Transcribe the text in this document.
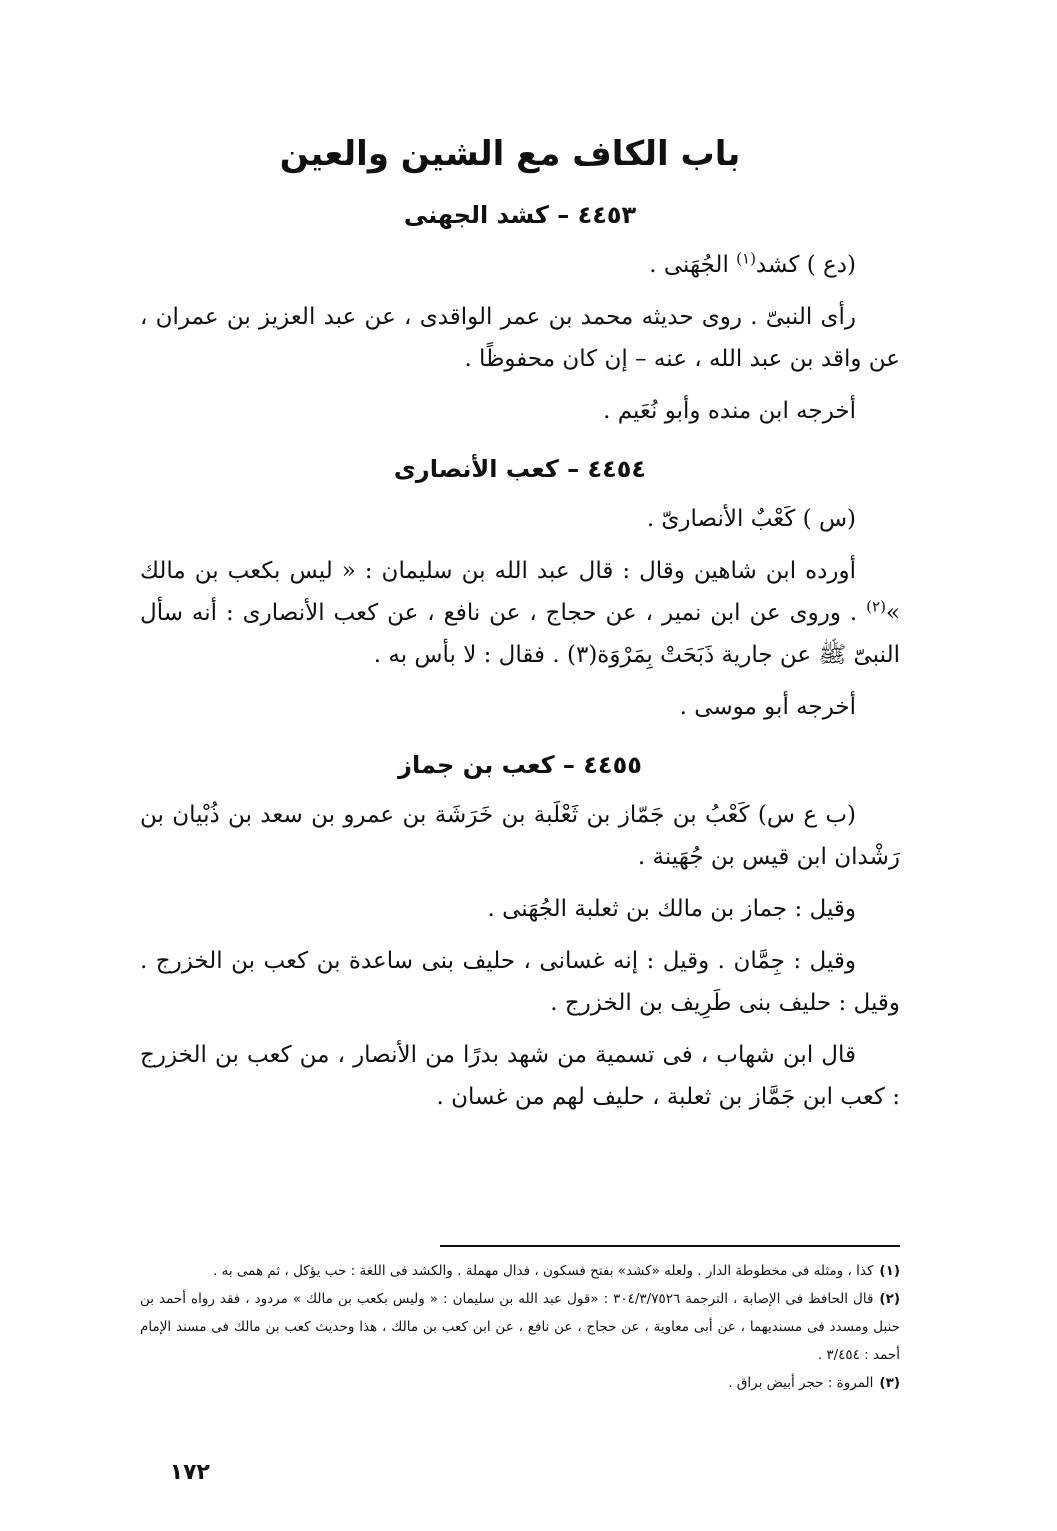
باب الكاف مع الشين والعين
٤٤٥٣ – كشد الجهنى

(دع ) كشد$^{(١)}$ الجُهَنى .

رأى النبىّ . روى حديثه محمد بن عمر الواقدى ، عن عبد العزيز بن عمران ، عن واقد بن عبد الله ، عنه – إن كان محفوظًا .

أخرجه ابن منده وأبو نُعَيم .

٤٤٥٤ – كعب الأنصارى

(س ) كَعْبٌ الأنصارىّ .

أورده ابن شاهين وقال : قال عبد الله بن سليمان : « ليس بكعب بن مالك »$^{(٢)}$ . وروى عن ابن نمير ، عن حجاج ، عن نافع ، عن كعب الأنصارى : أنه سأل النبىّ ﷺ عن جارية ذَبَحَتْ بِمَرْوَة(٣) . فقال : لا بأس به .

أخرجه أبو موسى .

٤٤٥٥ – كعب بن جماز

(ب ع س) كَعْبُ بن جَمّاز بن ثَعْلَبة بن خَرَشَة بن عمرو بن سعد بن ذُبْيان بن رَشْدان ابن قيس بن جُهَينة .

وقيل : جماز بن مالك بن ثعلبة الجُهَنى .

وقيل : جِمَّان . وقيل : إنه غسانى ، حليف بنى ساعدة بن كعب بن الخزرج . وقيل : حليف بنى طَرِيف بن الخزرج .

قال ابن شهاب ، فى تسمية من شهد بدرًا من الأنصار ، من كعب بن الخزرج : كعب ابن جَمَّاز بن ثعلبة ، حليف لهم من غسان .

(١)كذا ، ومثله فى مخطوطة الدار . ولعله «كشد» بفتح فسكون ، فدال مهملة . والكشد فى اللغة : حب يؤكل ، ثم همى به .

(٢)قال الحافظ فى الإصابة ، الترجمة ٣٠٤/٣/٧٥٢٦ : «قول عبد الله بن سليمان : « وليس بكعب بن مالك » مردود ، فقد رواه أحمد بن حنبل ومسدد فى مسنديهما ، عن أبى معاوية ، عن حجاج ، عن نافع ، عن ابن كعب بن مالك ، هذا وحديث كعب بن مالك فى مسند الإمام أحمد : ٣/٤٥٤ .

(٣)المروة : حجر أبيض براق .

١٧٢
